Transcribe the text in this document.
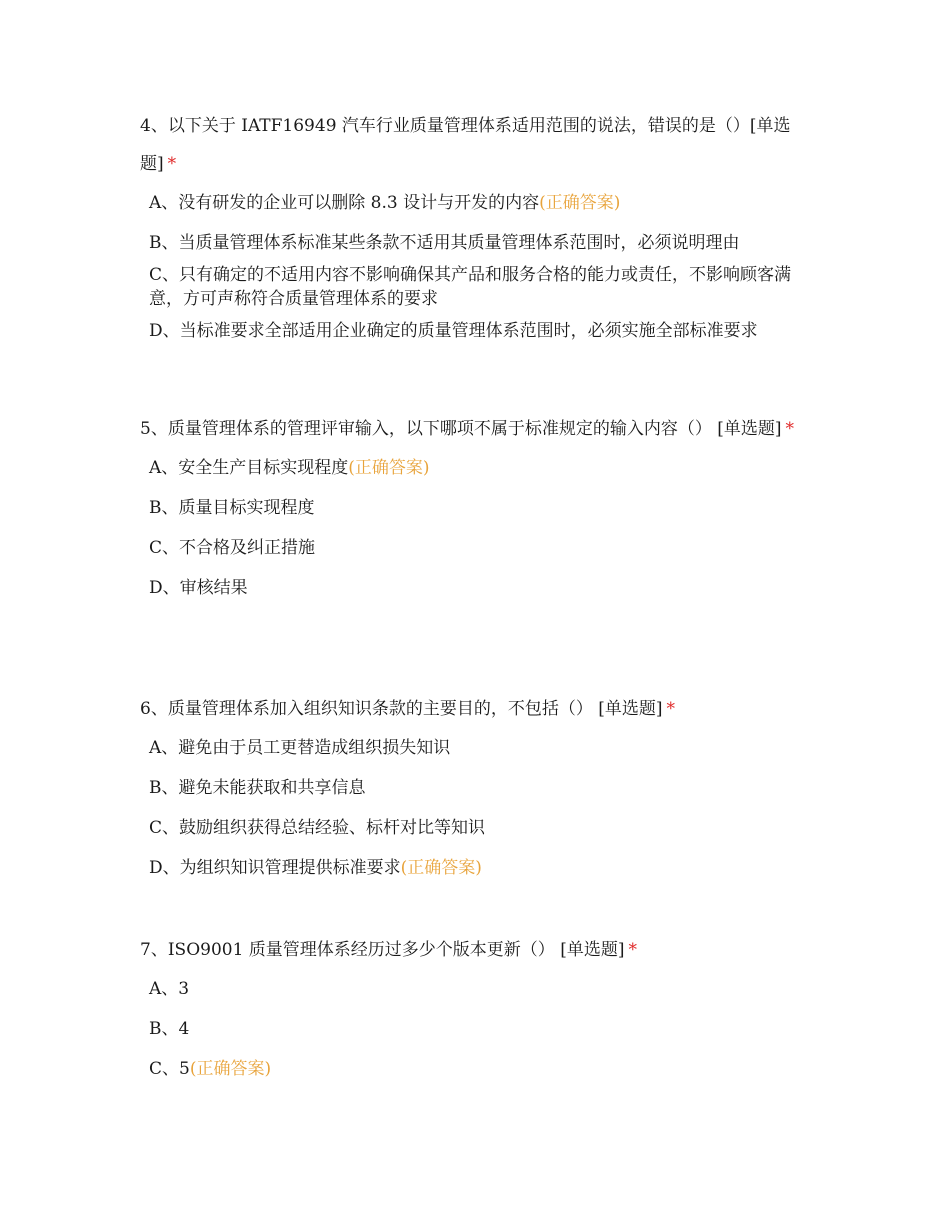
4、以下关于 IATF16949 汽车行业质量管理体系适用范围的说法，错误的是（）[单选题] *

A、没有研发的企业可以删除 8.3 设计与开发的内容(正确答案)

B、当质量管理体系标准某些条款不适用其质量管理体系范围时，必须说明理由

C、只有确定的不适用内容不影响确保其产品和服务合格的能力或责任，不影响顾客满意，方可声称符合质量管理体系的要求

D、当标准要求全部适用企业确定的质量管理体系范围时，必须实施全部标准要求

5、质量管理体系的管理评审输入，以下哪项不属于标准规定的输入内容（） [单选题] *

A、安全生产目标实现程度(正确答案)

B、质量目标实现程度

C、不合格及纠正措施

D、审核结果

6、质量管理体系加入组织知识条款的主要目的，不包括（） [单选题] *

A、避免由于员工更替造成组织损失知识

B、避免未能获取和共享信息

C、鼓励组织获得总结经验、标杆对比等知识

D、为组织知识管理提供标准要求(正确答案)

7、ISO9001 质量管理体系经历过多少个版本更新（） [单选题] *

A、3

B、4

C、5(正确答案)
